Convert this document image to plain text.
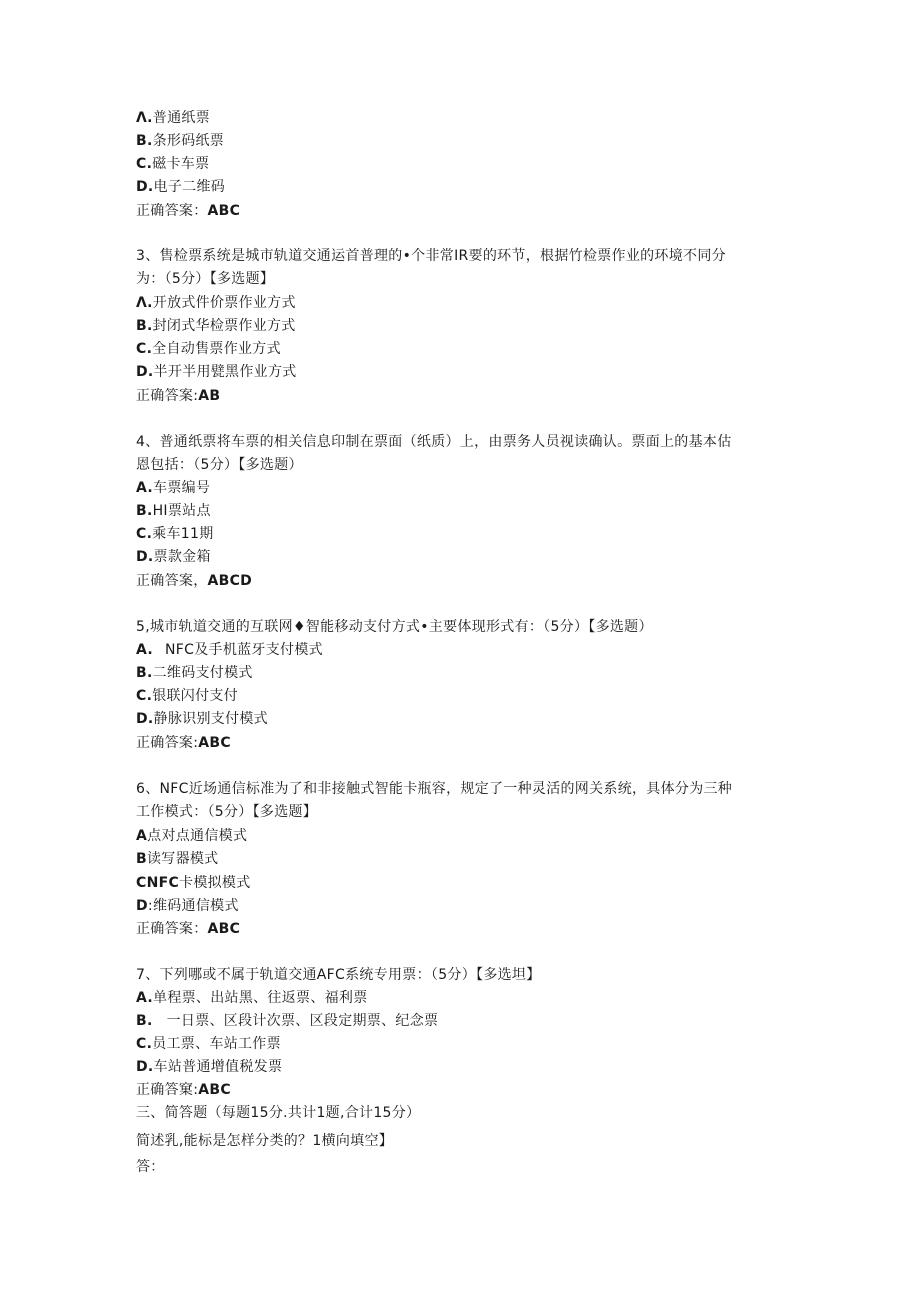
Λ.普通纸票
B.条形码纸票
C.磁卡车票
D.电子二维码
正确答案：ABC
3、售检票系统是城市轨道交通运首普理的•个非常IR要的环节，根据竹检票作业的环境不同分
为：（5分）【多选题】
Λ.开放式件价票作业方式
B.封闭式华检票作业方式
C.全自动售票作业方式
D.半开半用甓黑作业方式
正确答案:AB
4、普通纸票将车票的相关信息印制在票面（纸质）上，由票务人员视读确认。票面上的基本估
恩包括：（5分）【多选题）
A.车票编号
B.HI票站点
C.乘车11期
D.票款金箱
正确答案，ABCD
5,城市轨道交通的互联网♦智能移动支付方式•主要体现形式有：（5分）【多选题）
A. NFC及手机蓝牙支付模式
B.二维码支付模式
C.银联闪付支付
D.静脉识别支付模式
正确答案:ABC
6、NFC近场通信标准为了和非接触式智能卡瓶容，规定了一种灵活的网关系统，具体分为三种
工作模式：（5分）【多选题】
A点对点通信模式
B读写器模式
CNFC卡模拟模式
D:维码通信模式
正确答案：ABC
7、下列哪或不属于轨道交通AFC系统专用票：（5分）【多选坦】
A.单程票、出站黑、往返票、福利票
B. 一日票、区段计次票、区段定期票、纪念票
C.员工票、车站工作票
D.车站普通增值税发票
正确答窠:ABC
三、简答题（每题15分.共计1题,合计15分）
简述乳,能标是怎样分类的？1横向填空】
答：
